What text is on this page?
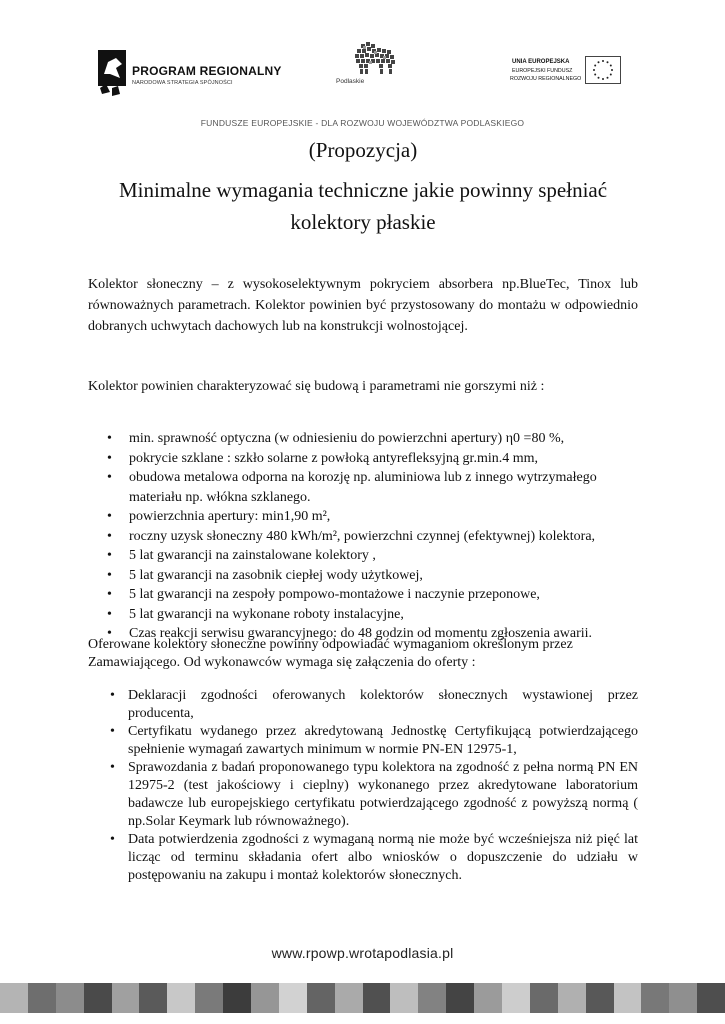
PROGRAM REGIONALNY
NARODOWA STRATEGIA SPÓJNOŚCI	Podlaskie
UNIA EUROPEJSKA
EUROPEJSKI FUNDUSZ
ROZWOJU REGIONALNEGO
FUNDUSZE EUROPEJSKIE - DLA ROZWOJU WOJEWÓDZTWA PODLASKIEGO

(Propozycja)

Minimalne wymagania techniczne jakie powinny spełniać
kolektory płaskie

Kolektor słoneczny – z wysokoselektywnym pokryciem absorbera np.BlueTec, Tinox lub równoważnych parametrach. Kolektor powinien być przystosowany do montażu w odpowiednio dobranych uchwytach dachowych lub na konstrukcji wolnostojącej.

Kolektor powinien charakteryzować się budową i parametrami nie gorszymi niż :

• min. sprawność optyczna (w odniesieniu do powierzchni apertury) η0 =80 %,
• pokrycie szklane : szkło solarne z powłoką antyrefleksyjną gr.min.4 mm,
• obudowa metalowa odporna na korozję np. aluminiowa lub z innego wytrzymałego materiału np. włókna szklanego.
• powierzchnia apertury: min1,90 m²,
• roczny uzysk słoneczny 480 kWh/m², powierzchni czynnej (efektywnej) kolektora,
• 5 lat gwarancji na zainstalowane kolektory ,
• 5 lat gwarancji na zasobnik ciepłej wody użytkowej,
• 5 lat gwarancji na zespoły pompowo-montażowe i naczynie przeponowe,
• 5 lat gwarancji na wykonane roboty instalacyjne,
• Czas reakcji serwisu gwarancyjnego: do 48 godzin od momentu zgłoszenia awarii.

Oferowane kolektory słoneczne powinny odpowiadać wymaganiom określonym przez Zamawiającego. Od wykonawców wymaga się załączenia do oferty :

• Deklaracji zgodności oferowanych kolektorów słonecznych wystawionej przez producenta,
• Certyfikatu wydanego przez akredytowaną Jednostkę Certyfikującą potwierdzającego spełnienie wymagań zawartych minimum w normie PN-EN 12975-1,
• Sprawozdania z badań proponowanego typu kolektora na zgodność z pełna normą PN EN 12975-2 (test jakościowy i cieplny) wykonanego przez akredytowane laboratorium badawcze lub europejskiego certyfikatu potwierdzającego zgodność z powyższą normą ( np.Solar Keymark lub równoważnego).
• Data potwierdzenia zgodności z wymaganą normą nie może być wcześniejsza niż pięć lat licząc od terminu składania ofert albo wniosków o dopuszczenie do udziału w postępowaniu na zakupu i montaż kolektorów słonecznych.
www.rpowp.wrotapodlasia.pl
